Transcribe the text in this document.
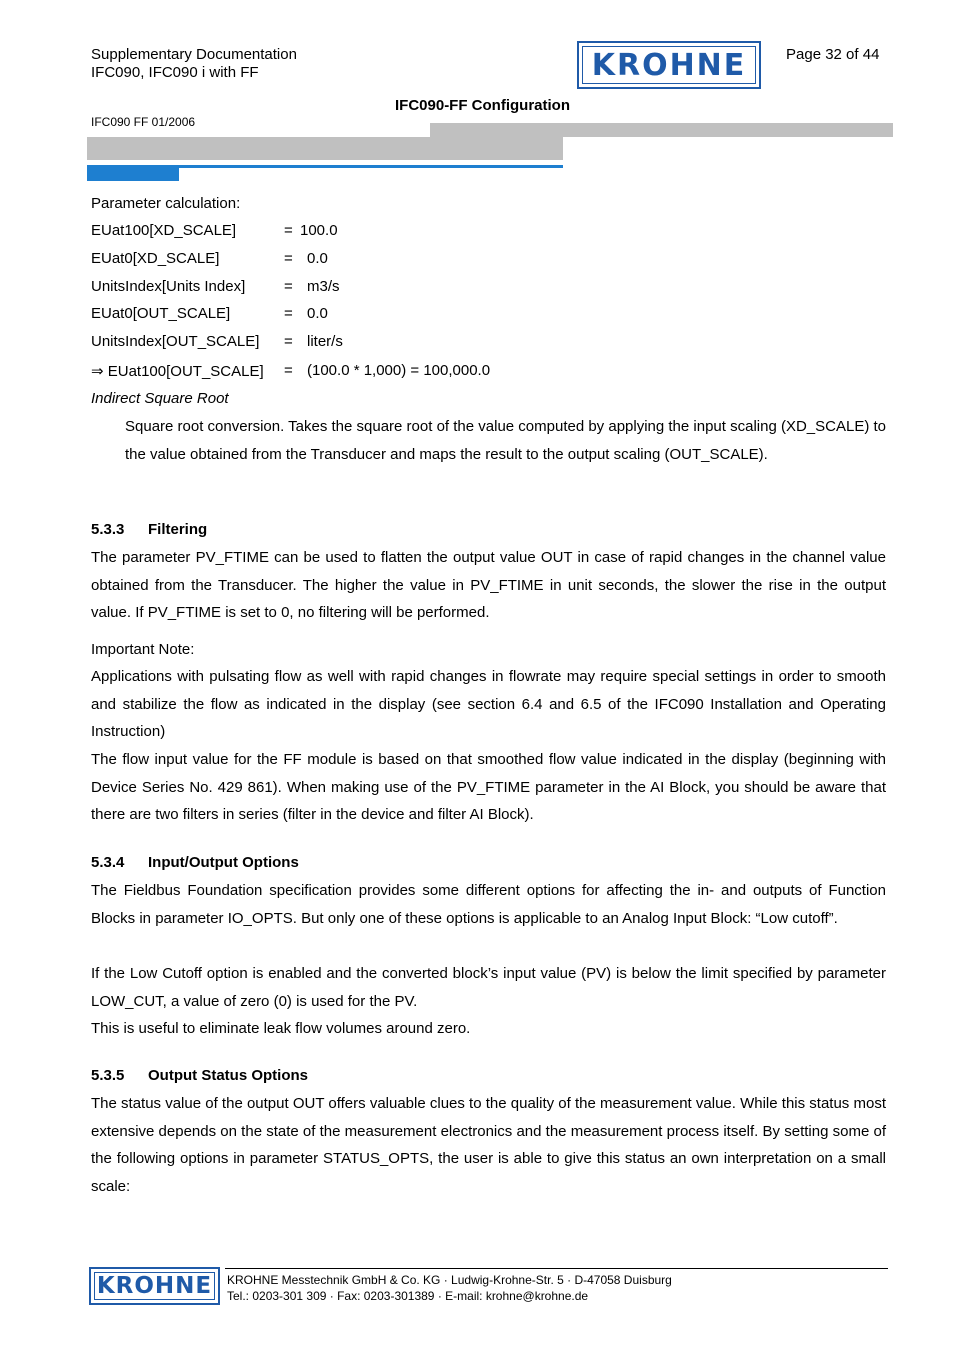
Supplementary Documentation
IFC090, IFC090 i with FF	KROHNE	Page 32 of 44
IFC090 FF 01/2006
IFC090-FF Configuration
Parameter calculation:
EUat100[XD_SCALE]	= 100.0
EUat0[XD_SCALE]	= 0.0
UnitsIndex[Units Index]	= m3/s
EUat0[OUT_SCALE]	= 0.0
UnitsIndex[OUT_SCALE] = liter/s
⇒ EUat100[OUT_SCALE] = (100.0 * 1,000) = 100,000.0
Indirect Square Root
Square root conversion. Takes the square root of the value computed by applying the input scaling (XD_SCALE) to the value obtained from the Transducer and maps the result to the output scaling (OUT_SCALE).
5.3.3 Filtering
The parameter PV_FTIME can be used to flatten the output value OUT in case of rapid changes in the channel value obtained from the Transducer. The higher the value in PV_FTIME in unit seconds, the slower the rise in the output value. If PV_FTIME is set to 0, no filtering will be performed.
Important Note:
Applications with pulsating flow as well with rapid changes in flowrate may require special settings in order to smooth and stabilize the flow as indicated in the display (see section 6.4 and 6.5 of the IFC090 Installation and Operating Instruction)
The flow input value for the FF module is based on that smoothed flow value indicated in the display (beginning with Device Series No. 429 861). When making use of the PV_FTIME parameter in the AI Block, you should be aware that there are two filters in series (filter in the device and filter AI Block).
5.3.4 Input/Output Options
The Fieldbus Foundation specification provides some different options for affecting the in- and outputs of Function Blocks in parameter IO_OPTS. But only one of these options is applicable to an Analog Input Block: “Low cutoff”.
If the Low Cutoff option is enabled and the converted block’s input value (PV) is below the limit specified by parameter LOW_CUT, a value of zero (0) is used for the PV.
This is useful to eliminate leak flow volumes around zero.
5.3.5 Output Status Options
The status value of the output OUT offers valuable clues to the quality of the measurement value. While this status most extensive depends on the state of the measurement electronics and the measurement process itself. By setting some of the following options in parameter STATUS_OPTS, the user is able to give this status an own interpretation on a small scale:
KROHNE KROHNE Messtechnik GmbH & Co. KG · Ludwig-Krohne-Str. 5 · D-47058 Duisburg
Tel.: 0203-301 309 · Fax: 0203-301389 · E-mail: krohne@krohne.de
